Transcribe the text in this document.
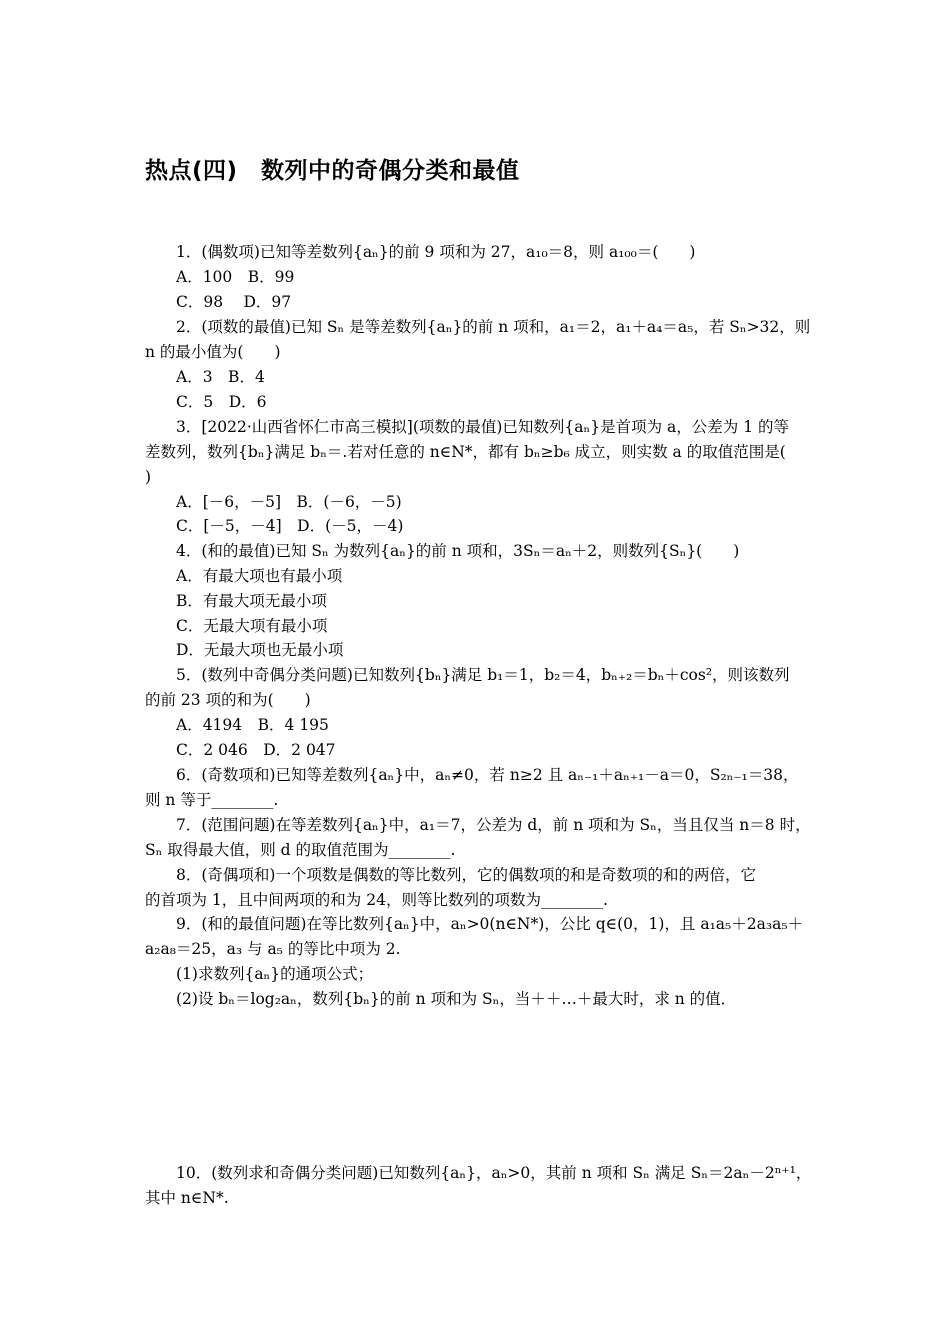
热点(四)　数列中的奇偶分类和最值
1．(偶数项)已知等差数列{aₙ}的前 9 项和为 27，a₁₀＝8，则 a₁₀₀＝(　　)
A．100　B．99
C．98　 D．97
2．(项数的最值)已知 Sₙ 是等差数列{aₙ}的前 n 项和，a₁＝2，a₁＋a₄＝a₅，若 Sₙ>32，则
n 的最小值为(　　)
A．3　B．4
C．5　D．6
3．[2022·山西省怀仁市高三模拟](项数的最值)已知数列{aₙ}是首项为 a，公差为 1 的等
差数列，数列{bₙ}满足 bₙ＝.若对任意的 n∈N*，都有 bₙ≥b₆ 成立，则实数 a 的取值范围是(
)
A．[－6，－5]　B．(－6，－5)
C．[－5，－4]　D．(－5，－4)
4．(和的最值)已知 Sₙ 为数列{aₙ}的前 n 项和，3Sₙ＝aₙ＋2，则数列{Sₙ}(　　)
A．有最大项也有最小项
B．有最大项无最小项
C．无最大项有最小项
D．无最大项也无最小项
5．(数列中奇偶分类问题)已知数列{bₙ}满足 b₁＝1，b₂＝4，bₙ₊₂＝bₙ＋cos²，则该数列
的前 23 项的和为(　　)
A．4194　B．4 195
C．2 046　D．2 047
6．(奇数项和)已知等差数列{aₙ}中，aₙ≠0，若 n≥2 且 aₙ₋₁＋aₙ₊₁－a＝0，S₂ₙ₋₁＝38，
则 n 等于________.
7．(范围问题)在等差数列{aₙ}中，a₁＝7，公差为 d，前 n 项和为 Sₙ，当且仅当 n＝8 时，
Sₙ 取得最大值，则 d 的取值范围为________.
8．(奇偶项和)一个项数是偶数的等比数列，它的偶数项的和是奇数项的和的两倍，它
的首项为 1，且中间两项的和为 24，则等比数列的项数为________.
9．(和的最值问题)在等比数列{aₙ}中，aₙ>0(n∈N*)，公比 q∈(0，1)，且 a₁a₅＋2a₃a₅＋
a₂a₈＝25，a₃ 与 a₅ 的等比中项为 2.
(1)求数列{aₙ}的通项公式；
(2)设 bₙ＝log₂aₙ，数列{bₙ}的前 n 项和为 Sₙ，当＋＋…＋最大时，求 n 的值．
10．(数列求和奇偶分类问题)已知数列{aₙ}，aₙ>0，其前 n 项和 Sₙ 满足 Sₙ＝2aₙ－2ⁿ⁺¹，
其中 n∈N*.
